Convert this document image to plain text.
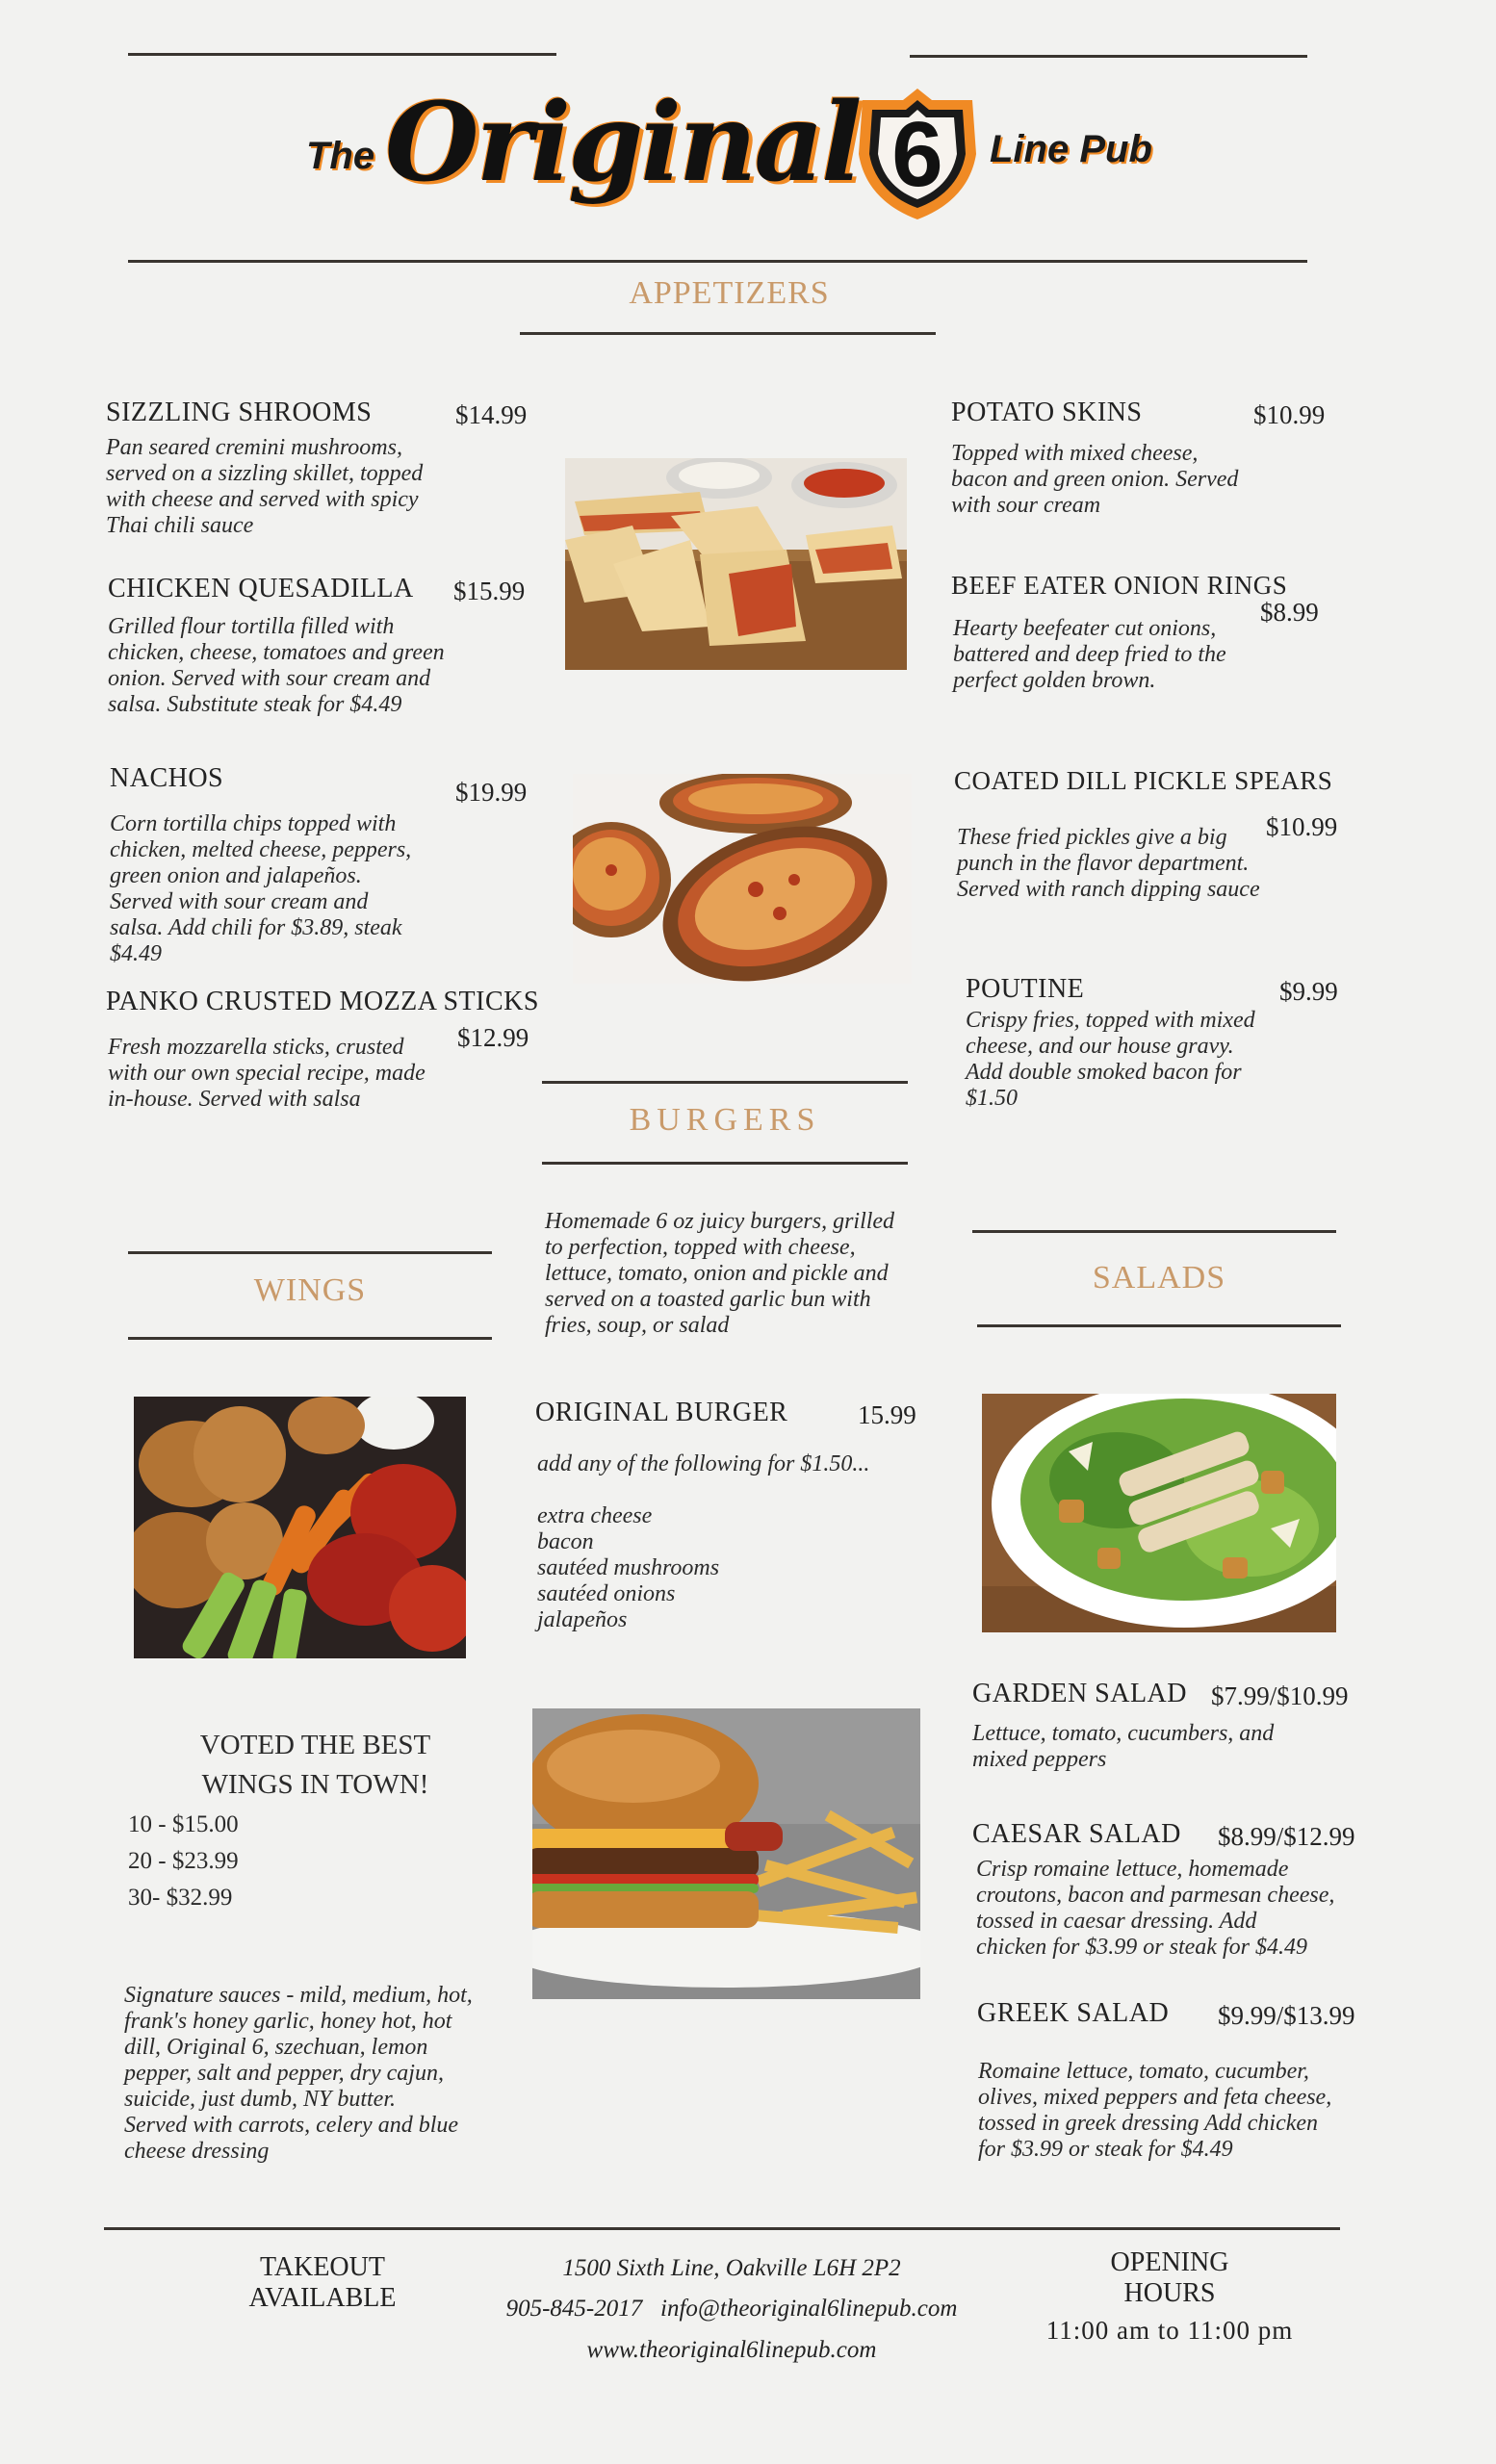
The Original 6	Line Pub
APPETIZERS
SIZZLING SHROOMS	$14.99
Pan seared cremini mushrooms,
served on a sizzling skillet, topped
with cheese and served with spicy
Thai chili sauce
CHICKEN QUESADILLA $15.99
Grilled flour tortilla filled with
chicken, cheese, tomatoes and green
onion. Served with sour cream and
salsa. Substitute steak for $4.49
NACHOS	$19.99
Corn tortilla chips topped with
chicken, melted cheese, peppers,
green onion and jalapeños.
Served with sour cream and
salsa. Add chili for $3.89, steak
$4.49
PANKO CRUSTED MOZZA STICKS
$12.99
Fresh mozzarella sticks, crusted
with our own special recipe, made
in-house. Served with salsa
POTATO SKINS	$10.99
Topped with mixed cheese,
bacon and green onion. Served
with sour cream
BEEF EATER ONION RINGS
$8.99
Hearty beefeater cut onions,
battered and deep fried to the
perfect golden brown.
COATED DILL PICKLE SPEARS
$10.99
These fried pickles give a big
punch in the flavor department.
Served with ranch dipping sauce
POUTINE	$9.99
Crispy fries, topped with mixed
cheese, and our house gravy.
Add double smoked bacon for
$1.50
BURGERS
Homemade 6 oz juicy burgers, grilled
to perfection, topped with cheese,
lettuce, tomato, onion and pickle and
served on a toasted garlic bun with
fries, soup, or salad
ORIGINAL BURGER	15.99
add any of the following for $1.50...
extra cheese
bacon
sautéed mushrooms
sautéed onions
jalapeños
WINGS
VOTED THE BEST
WINGS IN TOWN!
10 - $15.00
20 - $23.99
30- $32.99
Signature sauces - mild, medium, hot,
frank's honey garlic, honey hot, hot
dill, Original 6, szechuan, lemon
pepper, salt and pepper, dry cajun,
suicide, just dumb, NY butter.
Served with carrots, celery and blue
cheese dressing
SALADS
GARDEN SALAD $7.99/$10.99
Lettuce, tomato, cucumbers, and
mixed peppers
CAESAR SALAD $8.99/$12.99
Crisp romaine lettuce, homemade
croutons, bacon and parmesan cheese,
tossed in caesar dressing. Add
chicken for $3.99 or steak for $4.49
GREEK SALAD $9.99/$13.99
Romaine lettuce, tomato, cucumber,
olives, mixed peppers and feta cheese,
tossed in greek dressing Add chicken
for $3.99 or steak for $4.49
TAKEOUT
AVAILABLE
1500 Sixth Line, Oakville L6H 2P2
905-845-2017   info@theoriginal6linepub.com
www.theoriginal6linepub.com
OPENING
HOURS
11:00 am to 11:00 pm
